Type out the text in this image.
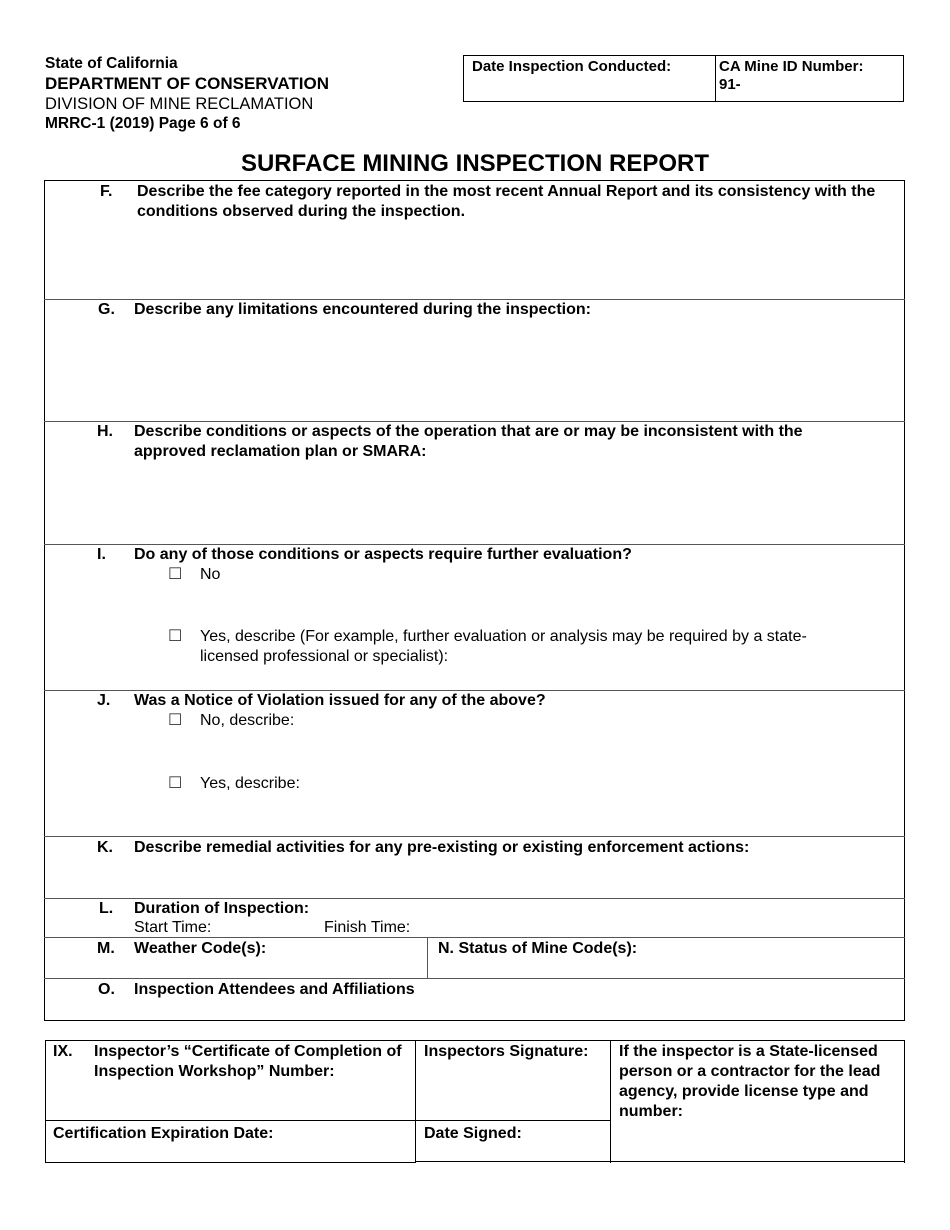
State of California
DEPARTMENT OF CONSERVATION
DIVISION OF MINE RECLAMATION
MRRC-1 (2019) Page 6 of 6
Date Inspection Conducted:	CA Mine ID Number:
91-
SURFACE MINING INSPECTION REPORT
F. Describe the fee category reported in the most recent Annual Report and its consistency with the conditions observed during the inspection.
G. Describe any limitations encountered during the inspection:
H. Describe conditions or aspects of the operation that are or may be inconsistent with the approved reclamation plan or SMARA:
I. Do any of those conditions or aspects require further evaluation?
☐ No
☐ Yes, describe (For example, further evaluation or analysis may be required by a state-licensed professional or specialist):
J. Was a Notice of Violation issued for any of the above?
☐ No, describe:
☐ Yes, describe:
K. Describe remedial activities for any pre-existing or existing enforcement actions:
L. Duration of Inspection:
Start Time:	Finish Time:
M. Weather Code(s):	N. Status of Mine Code(s):
O. Inspection Attendees and Affiliations
IX. Inspector’s “Certificate of Completion of Inspection Workshop” Number:
Inspectors Signature:	If the inspector is a State-licensed person or a contractor for the lead agency, provide license type and number:
Certification Expiration Date:	Date Signed:
